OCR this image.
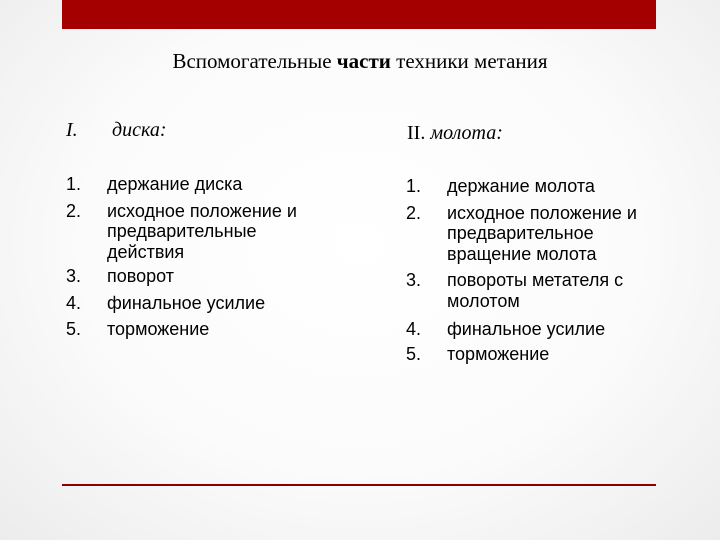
Вспомогательные части техники метания
I. диска:	II. молота:
1.	держание диска
2.	исходное положение и предварительные действия
3.	поворот
4.	финальное усилие
5.	торможение
1.	держание молота
2.	исходное положение и предварительное вращение молота
3.	повороты метателя с молотом
4.	финальное усилие
5.	торможение
